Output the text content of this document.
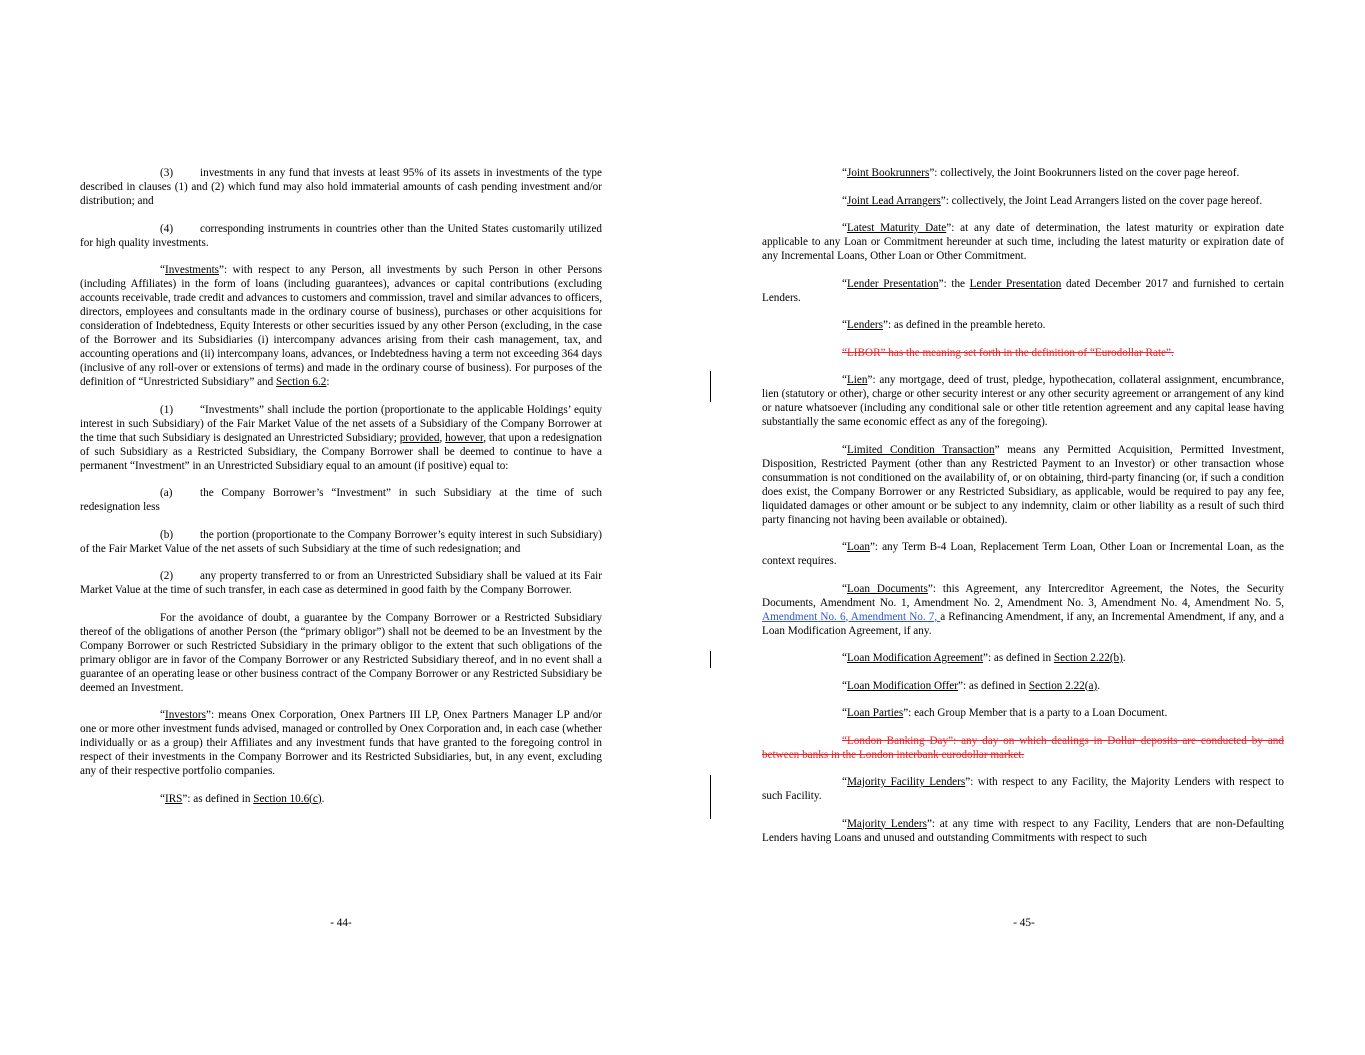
(3) investments in any fund that invests at least 95% of its assets in investments of the type described in clauses (1) and (2) which fund may also hold immaterial amounts of cash pending investment and/or distribution; and

(4) corresponding instruments in countries other than the United States customarily utilized for high quality investments.

“Investments”: with respect to any Person, all investments by such Person in other Persons (including Affiliates) in the form of loans (including guarantees), advances or capital contributions (excluding accounts receivable, trade credit and advances to customers and commission, travel and similar advances to officers, directors, employees and consultants made in the ordinary course of business), purchases or other acquisitions for consideration of Indebtedness, Equity Interests or other securities issued by any other Person (excluding, in the case of the Borrower and its Subsidiaries (i) intercompany advances arising from their cash management, tax, and accounting operations and (ii) intercompany loans, advances, or Indebtedness having a term not exceeding 364 days (inclusive of any roll-over or extensions of terms) and made in the ordinary course of business). For purposes of the definition of “Unrestricted Subsidiary” and Section 6.2:

(1) “Investments” shall include the portion (proportionate to the applicable Holdings’ equity interest in such Subsidiary) of the Fair Market Value of the net assets of a Subsidiary of the Company Borrower at the time that such Subsidiary is designated an Unrestricted Subsidiary; provided, however, that upon a redesignation of such Subsidiary as a Restricted Subsidiary, the Company Borrower shall be deemed to continue to have a permanent “Investment” in an Unrestricted Subsidiary equal to an amount (if positive) equal to:

(a) the Company Borrower’s “Investment” in such Subsidiary at the time of such redesignation less

(b) the portion (proportionate to the Company Borrower’s equity interest in such Subsidiary) of the Fair Market Value of the net assets of such Subsidiary at the time of such redesignation; and

(2) any property transferred to or from an Unrestricted Subsidiary shall be valued at its Fair Market Value at the time of such transfer, in each case as determined in good faith by the Company Borrower.

For the avoidance of doubt, a guarantee by the Company Borrower or a Restricted Subsidiary thereof of the obligations of another Person (the “primary obligor”) shall not be deemed to be an Investment by the Company Borrower or such Restricted Subsidiary in the primary obligor to the extent that such obligations of the primary obligor are in favor of the Company Borrower or any Restricted Subsidiary thereof, and in no event shall a guarantee of an operating lease or other business contract of the Company Borrower or any Restricted Subsidiary be deemed an Investment.

“Investors”: means Onex Corporation, Onex Partners III LP, Onex Partners Manager LP and/or one or more other investment funds advised, managed or controlled by Onex Corporation and, in each case (whether individually or as a group) their Affiliates and any investment funds that have granted to the foregoing control in respect of their investments in the Company Borrower and its Restricted Subsidiaries, but, in any event, excluding any of their respective portfolio companies.

“IRS”: as defined in Section 10.6(c).

- 44-

“Joint Bookrunners”: collectively, the Joint Bookrunners listed on the cover page hereof.

“Joint Lead Arrangers”: collectively, the Joint Lead Arrangers listed on the cover page hereof.

“Latest Maturity Date”: at any date of determination, the latest maturity or expiration date applicable to any Loan or Commitment hereunder at such time, including the latest maturity or expiration date of any Incremental Loans, Other Loan or Other Commitment.

“Lender Presentation”: the Lender Presentation dated December 2017 and furnished to certain Lenders.

“Lenders”: as defined in the preamble hereto.

“LIBOR” has the meaning set forth in the definition of “Eurodollar Rate”.

“Lien”: any mortgage, deed of trust, pledge, hypothecation, collateral assignment, encumbrance, lien (statutory or other), charge or other security interest or any other security agreement or arrangement of any kind or nature whatsoever (including any conditional sale or other title retention agreement and any capital lease having substantially the same economic effect as any of the foregoing).

“Limited Condition Transaction” means any Permitted Acquisition, Permitted Investment, Disposition, Restricted Payment (other than any Restricted Payment to an Investor) or other transaction whose consummation is not conditioned on the availability of, or on obtaining, third-party financing (or, if such a condition does exist, the Company Borrower or any Restricted Subsidiary, as applicable, would be required to pay any fee, liquidated damages or other amount or be subject to any indemnity, claim or other liability as a result of such third party financing not having been available or obtained).

“Loan”: any Term B-4 Loan, Replacement Term Loan, Other Loan or Incremental Loan, as the context requires.

“Loan Documents”: this Agreement, any Intercreditor Agreement, the Notes, the Security Documents, Amendment No. 1, Amendment No. 2, Amendment No. 3, Amendment No. 4, Amendment No. 5, Amendment No. 6, Amendment No. 7, a Refinancing Amendment, if any, an Incremental Amendment, if any, and a Loan Modification Agreement, if any.

“Loan Modification Agreement”: as defined in Section 2.22(b).

“Loan Modification Offer”: as defined in Section 2.22(a).

“Loan Parties”: each Group Member that is a party to a Loan Document.

“London Banking Day”: any day on which dealings in Dollar deposits are conducted by and between banks in the London interbank eurodollar market.

“Majority Facility Lenders”: with respect to any Facility, the Majority Lenders with respect to such Facility.

“Majority Lenders”: at any time with respect to any Facility, Lenders that are non-Defaulting Lenders having Loans and unused and outstanding Commitments with respect to such

- 45-
